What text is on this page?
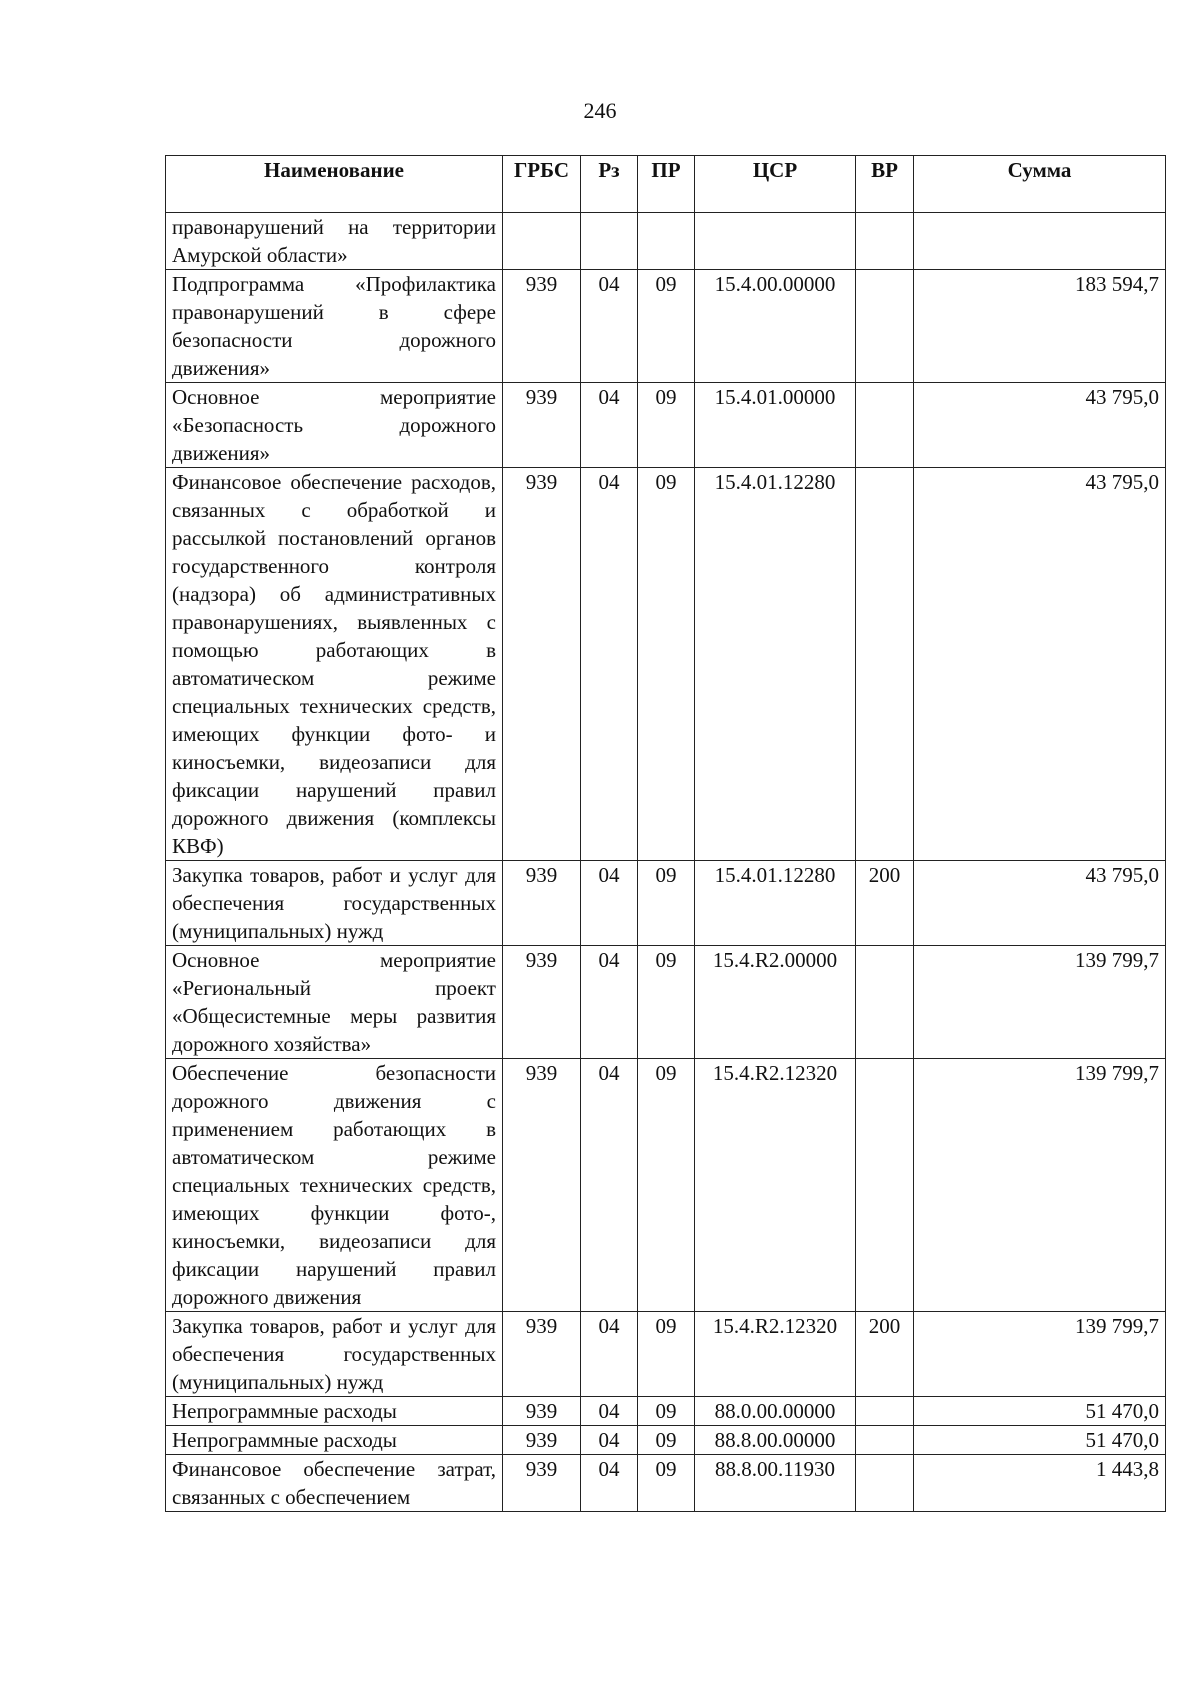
246
Наименование	ГРБС	Рз	ПР	ЦСР	ВР	Сумма
правонарушений на территории Амурской области»						
Подпрограмма «Профилактика правонарушений в сфере безопасности дорожного движения»	939	04	09	15.4.00.00000		183 594,7
Основное мероприятие «Безопасность дорожного движения»	939	04	09	15.4.01.00000		43 795,0
Финансовое обеспечение расходов, связанных с обработкой и рассылкой постановлений органов государственного контроля (надзора) об административных правонарушениях, выявленных с помощью работающих в автоматическом режиме специальных технических средств, имеющих функции фото- и киносъемки, видеозаписи для фиксации нарушений правил дорожного движения (комплексы КВФ)	939	04	09	15.4.01.12280		43 795,0
Закупка товаров, работ и услуг для обеспечения государственных (муниципальных) нужд	939	04	09	15.4.01.12280	200	43 795,0
Основное мероприятие «Региональный проект «Общесистемные меры развития дорожного хозяйства»	939	04	09	15.4.R2.00000		139 799,7
Обеспечение безопасности дорожного движения с применением работающих в автоматическом режиме специальных технических средств, имеющих функции фото-, киносъемки, видеозаписи для фиксации нарушений правил дорожного движения	939	04	09	15.4.R2.12320		139 799,7
Закупка товаров, работ и услуг для обеспечения государственных (муниципальных) нужд	939	04	09	15.4.R2.12320	200	139 799,7
Непрограммные расходы	939	04	09	88.0.00.00000		51 470,0
Непрограммные расходы	939	04	09	88.8.00.00000		51 470,0
Финансовое обеспечение затрат, связанных с обеспечением	939	04	09	88.8.00.11930		1 443,8
